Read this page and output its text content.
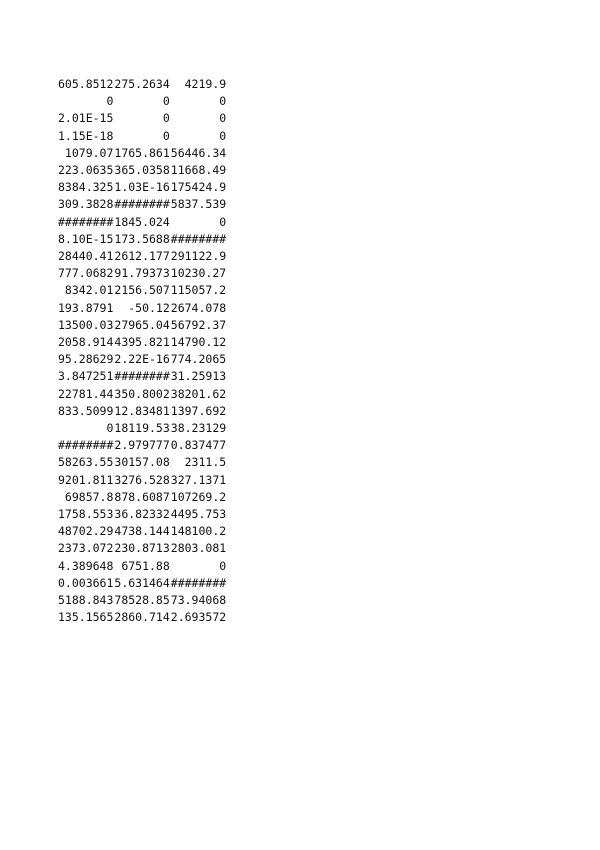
605.8512	275.2634	4219.9
0	0	0
2.01E-15	0	0
1.15E-18	0	0
1079.07	1765.861	56446.34
223.0635	365.0358	11668.49
8384.325	1.03E-16	175424.9
309.3828	########	5837.539
########	1845.024	0
8.10E-15	173.5688	########
28440.41	2612.177	291122.9
777.0682	91.79373	10230.27
8342.01	2156.507	115057.2
193.8791	-50.12	2674.078
13500.03	27965.04	56792.37
2058.914	4395.821	14790.12
95.28629	2.22E-16	774.2065
3.847251	########	31.25913
22781.44	350.8002	38201.62
833.5099	12.83481	1397.692
0	18119.53	38.23129
########	2.979777	0.837477
58263.55	30157.08	2311.5
9201.811	3276.528	327.1371
69857.8	878.6087	107269.2
1758.553	36.82332	4495.753
48702.29	4738.144	148100.2
2373.072	230.8713	2803.081
4.389648	6751.88	0
0.003661	5.631464	########
5188.843	78528.85	73.94068
135.1565	2860.714	2.693572
